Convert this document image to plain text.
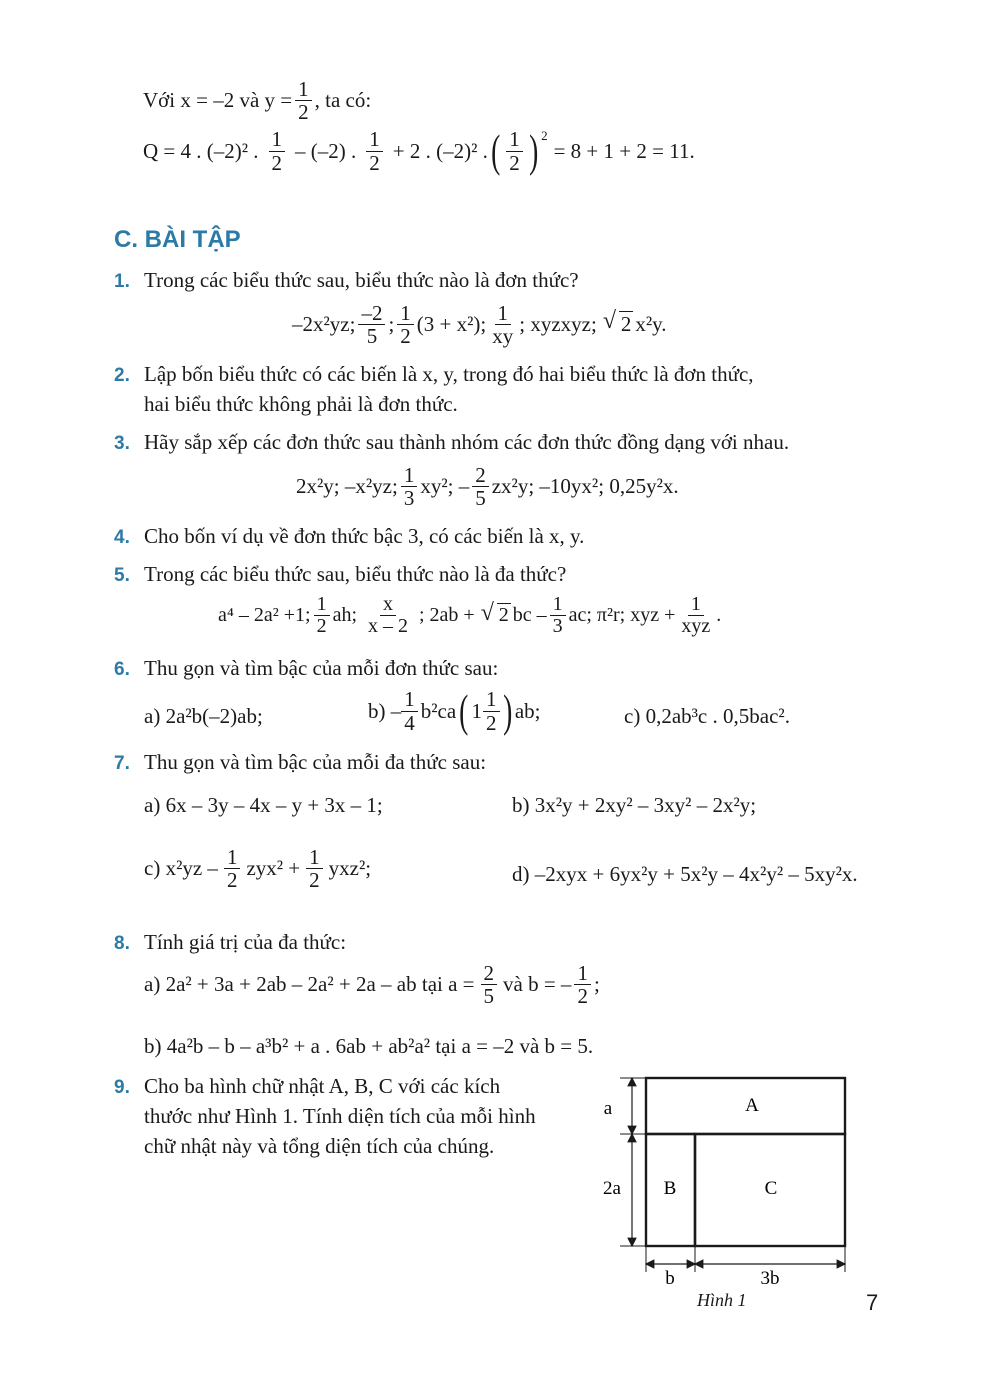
Với x = –2 và $y = \frac{1}{2}$ , ta có:
Q = 4 . (–2)² . 1
2 – (–2) . 1
2 + 2 . (–2)² . ( 1
2 )$^2$
= 8 + 1 + 2 = 11.
C. BÀI TẬP
1. Trong các biểu thức sau, biểu thức nào là đơn thức?
–2x²yz; –2
5 ; 1
2 (3 + x²); 1
xy ; xyzxyz; √ 2 x²y.
2. Lập bốn biểu thức có các biến là x, y, trong đó hai biểu thức là đơn thức,
hai biểu thức không phải là đơn thức.
3. Hãy sắp xếp các đơn thức sau thành nhóm các đơn thức đồng dạng với nhau.
2x²y; –x²yz; 1
3 xy²; – 2
5 zx²y; –10yx²; 0,25y²x.
4. Cho bốn ví dụ về đơn thức bậc 3, có các biến là x, y.
5. Trong các biểu thức sau, biểu thức nào là đa thức?
a⁴ – 2a² +1; 1
2 ah; x
x – 2 ; 2ab + √ 2 bc – 1
3 ac; π²r; xyz + 1
xyz .
6. Thu gọn và tìm bậc của mỗi đơn thức sau:
a) 2a²b(–2)ab;	b) – 1
4 b²ca ( 1 1
2 ) ab;	c) 0,2ab³c . 0,5bac².
7. Thu gọn và tìm bậc của mỗi đa thức sau:
a) 6x – 3y – 4x – y + 3x – 1;	b) 3x²y + 2xy² – 3xy² – 2x²y;
c) x²yz – 1
2 $zyx^2 + \frac{1}{2} yxz^2$;	d) –2xyx + 6yx²y + 5x²y – 4x²y² – 5xy²x.
8. Tính giá trị của đa thức:
a) 2a² + 3a + 2ab – 2a² + 2a – ab tại $a = \frac{2}{5}$ và b = – 1
2 ;
b) 4a²b – b – a³b² + a . 6ab + ab²a² tại a = –2 và b = 5.
9. Cho ba hình chữ nhật A, B, C với các kích
thước như Hình 1. Tính diện tích của mỗi hình
chữ nhật này và tổng diện tích của chúng.
A
B	C
a
2a
b	3b
Hình 1	7
